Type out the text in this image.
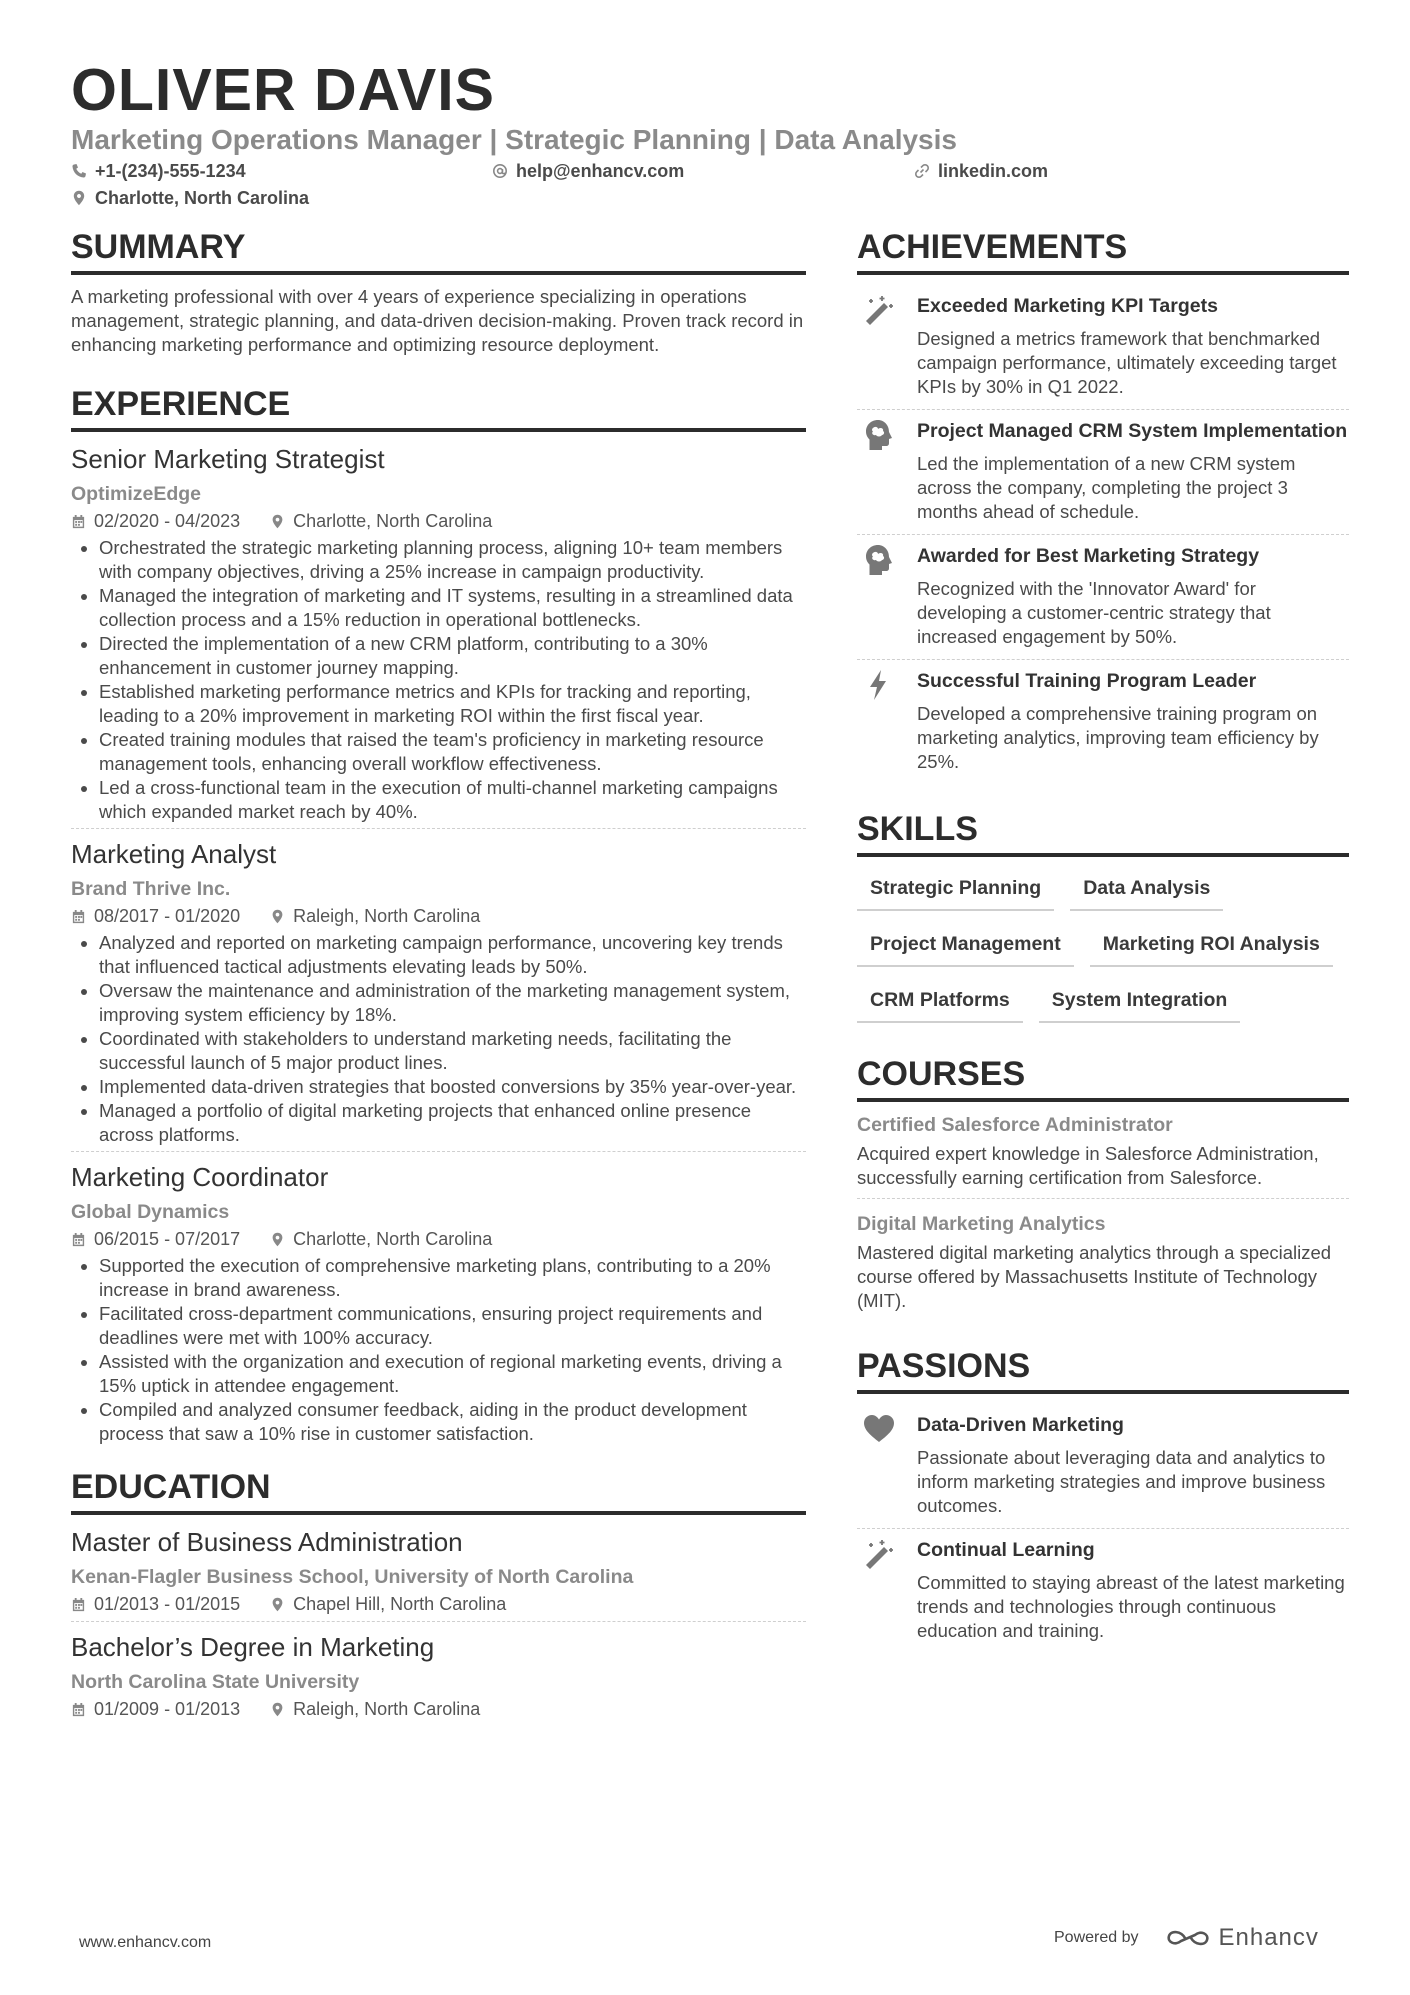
OLIVER DAVIS
Marketing Operations Manager | Strategic Planning | Data Analysis
+1-(234)-555-1234	help@enhancv.com	linkedin.com
Charlotte, North Carolina
SUMMARY
A marketing professional with over 4 years of experience specializing in operations management, strategic planning, and data-driven decision-making. Proven track record in enhancing marketing performance and optimizing resource deployment.
EXPERIENCE
Senior Marketing Strategist
OptimizeEdge
02/2020 - 04/2023	Charlotte, North Carolina
• Orchestrated the strategic marketing planning process, aligning 10+ team members with company objectives, driving a 25% increase in campaign productivity.
• Managed the integration of marketing and IT systems, resulting in a streamlined data collection process and a 15% reduction in operational bottlenecks.
• Directed the implementation of a new CRM platform, contributing to a 30% enhancement in customer journey mapping.
• Established marketing performance metrics and KPIs for tracking and reporting, leading to a 20% improvement in marketing ROI within the first fiscal year.
• Created training modules that raised the team's proficiency in marketing resource management tools, enhancing overall workflow effectiveness.
• Led a cross-functional team in the execution of multi-channel marketing campaigns which expanded market reach by 40%.
Marketing Analyst
Brand Thrive Inc.
08/2017 - 01/2020	Raleigh, North Carolina
• Analyzed and reported on marketing campaign performance, uncovering key trends that influenced tactical adjustments elevating leads by 50%.
• Oversaw the maintenance and administration of the marketing management system, improving system efficiency by 18%.
• Coordinated with stakeholders to understand marketing needs, facilitating the successful launch of 5 major product lines.
• Implemented data-driven strategies that boosted conversions by 35% year-over-year.
• Managed a portfolio of digital marketing projects that enhanced online presence across platforms.
Marketing Coordinator
Global Dynamics
06/2015 - 07/2017	Charlotte, North Carolina
• Supported the execution of comprehensive marketing plans, contributing to a 20% increase in brand awareness.
• Facilitated cross-department communications, ensuring project requirements and deadlines were met with 100% accuracy.
• Assisted with the organization and execution of regional marketing events, driving a 15% uptick in attendee engagement.
• Compiled and analyzed consumer feedback, aiding in the product development process that saw a 10% rise in customer satisfaction.
EDUCATION
Master of Business Administration
Kenan-Flagler Business School, University of North Carolina
01/2013 - 01/2015	Chapel Hill, North Carolina
Bachelor’s Degree in Marketing
North Carolina State University
01/2009 - 01/2013	Raleigh, North Carolina
ACHIEVEMENTS
Exceeded Marketing KPI Targets
Designed a metrics framework that benchmarked campaign performance, ultimately exceeding target KPIs by 30% in Q1 2022.
Project Managed CRM System Implementation
Led the implementation of a new CRM system across the company, completing the project 3 months ahead of schedule.
Awarded for Best Marketing Strategy
Recognized with the 'Innovator Award' for developing a customer-centric strategy that increased engagement by 50%.
Successful Training Program Leader
Developed a comprehensive training program on marketing analytics, improving team efficiency by 25%.
SKILLS
Strategic Planning	Data Analysis
Project Management	Marketing ROI Analysis
CRM Platforms	System Integration
COURSES
Certified Salesforce Administrator
Acquired expert knowledge in Salesforce Administration, successfully earning certification from Salesforce.
Digital Marketing Analytics
Mastered digital marketing analytics through a specialized course offered by Massachusetts Institute of Technology (MIT).
PASSIONS
Data-Driven Marketing
Passionate about leveraging data and analytics to inform marketing strategies and improve business outcomes.
Continual Learning
Committed to staying abreast of the latest marketing trends and technologies through continuous education and training.
www.enhancv.com	Powered by	Enhancv
